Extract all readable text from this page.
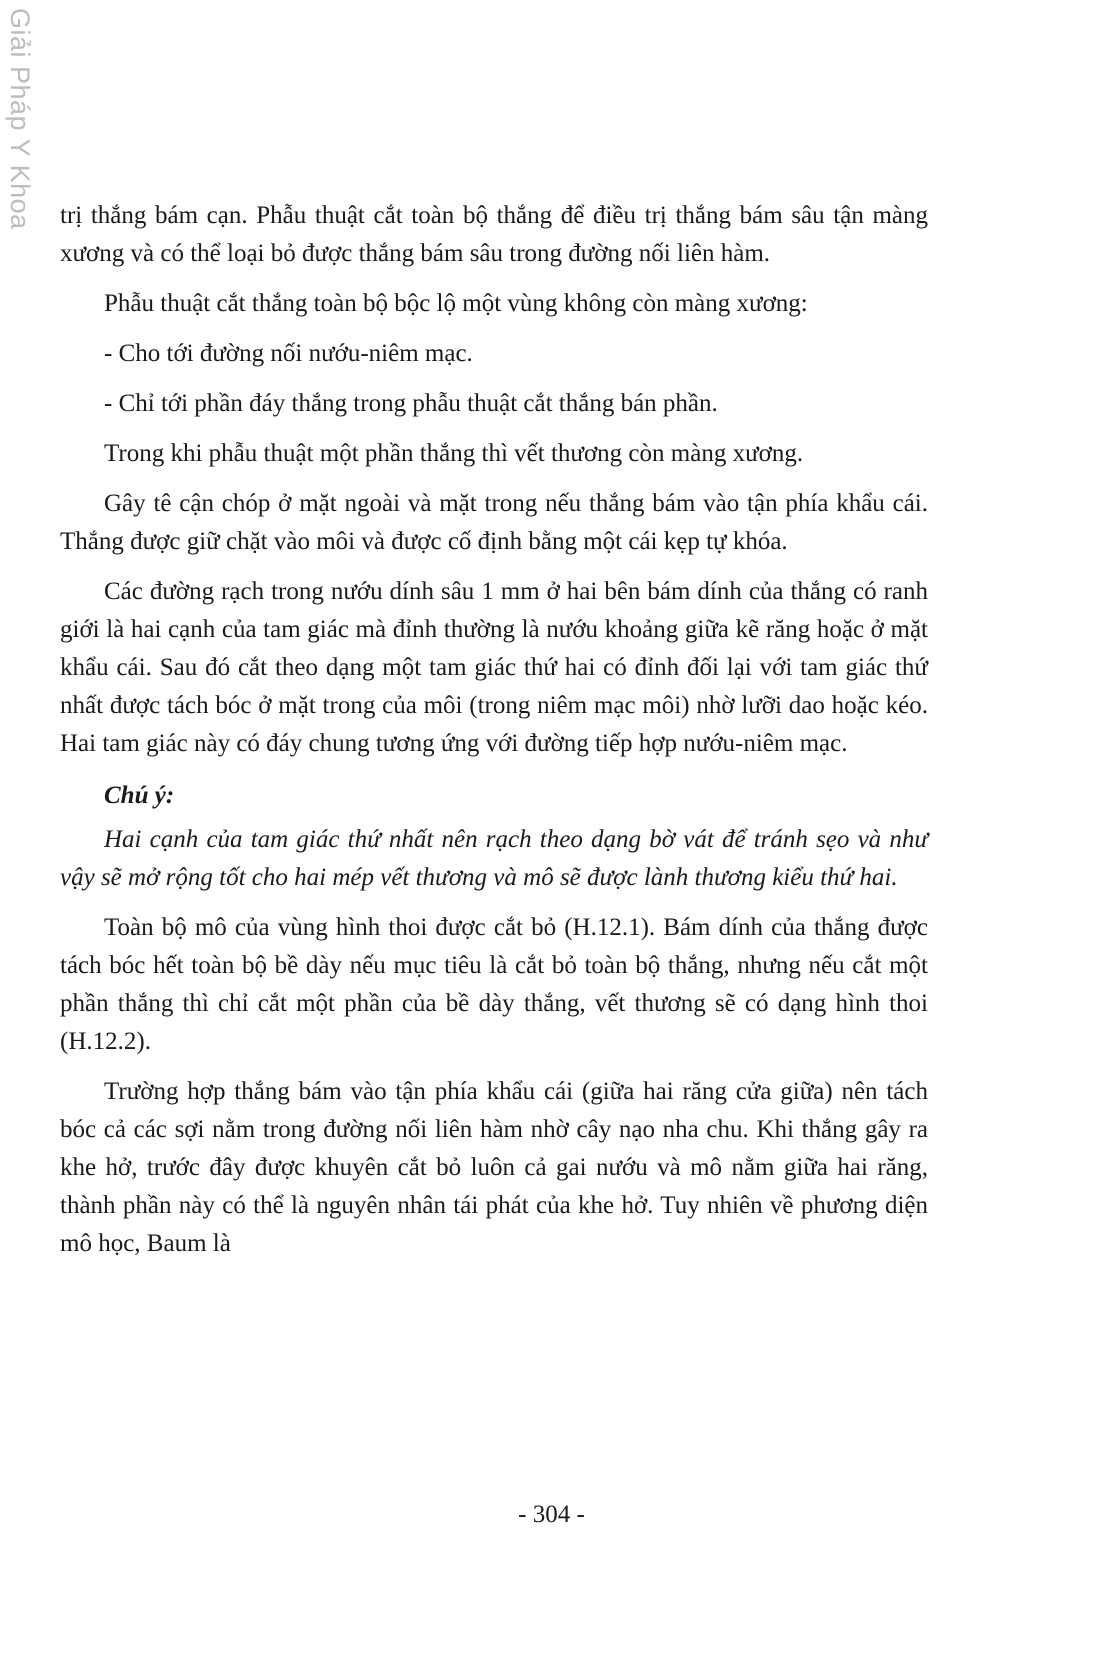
Giải Pháp Y Khoa trị thắng bám cạn. Phẫu thuật cắt toàn bộ thắng để điều trị thắng bám sâu tận màng xương và có thể loại bỏ được thắng bám sâu trong đường nối liên hàm.

Phẫu thuật cắt thắng toàn bộ bộc lộ một vùng không còn màng xương:

- Cho tới đường nối nướu-niêm mạc.

- Chỉ tới phần đáy thắng trong phẫu thuật cắt thắng bán phần.

Trong khi phẫu thuật một phần thắng thì vết thương còn màng xương.

Gây tê cận chóp ở mặt ngoài và mặt trong nếu thắng bám vào tận phía khẩu cái. Thắng được giữ chặt vào môi và được cố định bằng một cái kẹp tự khóa.

Các đường rạch trong nướu dính sâu 1 mm ở hai bên bám dính của thắng có ranh giới là hai cạnh của tam giác mà đỉnh thường là nướu khoảng giữa kẽ răng hoặc ở mặt khẩu cái. Sau đó cắt theo dạng một tam giác thứ hai có đỉnh đối lại với tam giác thứ nhất được tách bóc ở mặt trong của môi (trong niêm mạc môi) nhờ lưỡi dao hoặc kéo. Hai tam giác này có đáy chung tương ứng với đường tiếp hợp nướu-niêm mạc.

Chú ý:

Hai cạnh của tam giác thứ nhất nên rạch theo dạng bờ vát để tránh sẹo và như vậy sẽ mở rộng tốt cho hai mép vết thương và mô sẽ được lành thương kiểu thứ hai.

Toàn bộ mô của vùng hình thoi được cắt bỏ (H.12.1). Bám dính của thắng được tách bóc hết toàn bộ bề dày nếu mục tiêu là cắt bỏ toàn bộ thắng, nhưng nếu cắt một phần thắng thì chỉ cắt một phần của bề dày thắng, vết thương sẽ có dạng hình thoi (H.12.2).

Trường hợp thắng bám vào tận phía khẩu cái (giữa hai răng cửa giữa) nên tách bóc cả các sợi nằm trong đường nối liên hàm nhờ cây nạo nha chu. Khi thắng gây ra khe hở, trước đây được khuyên cắt bỏ luôn cả gai nướu và mô nằm giữa hai răng, thành phần này có thể là nguyên nhân tái phát của khe hở. Tuy nhiên về phương diện mô học, Baum là

- 304 -
